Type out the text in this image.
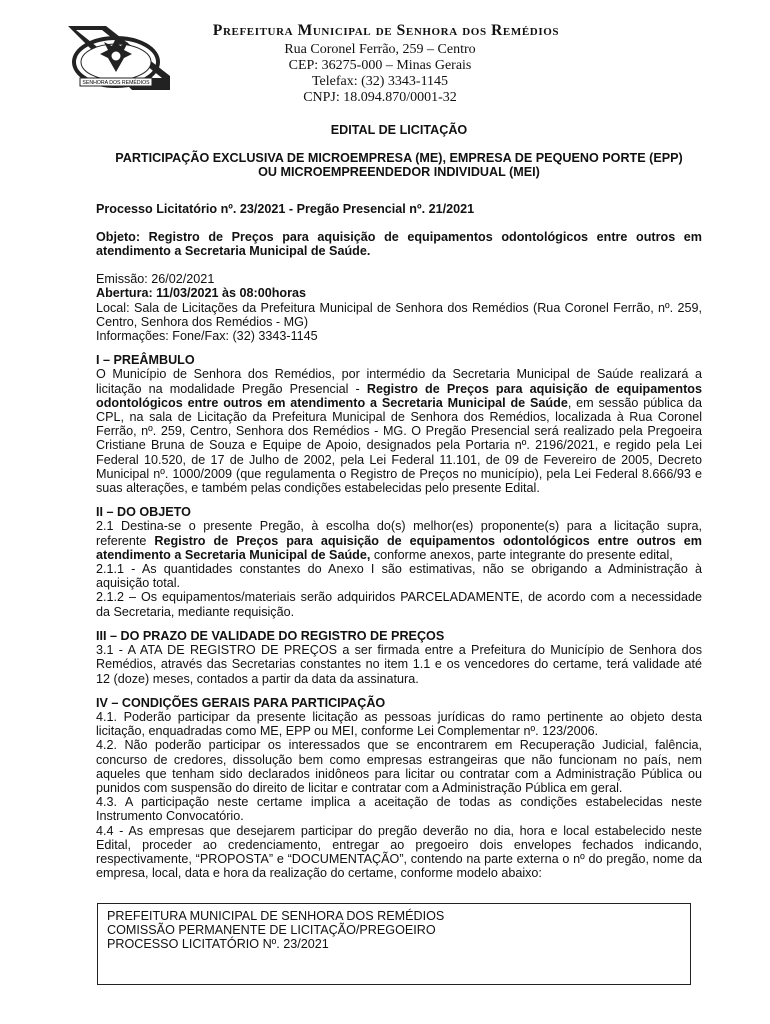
SENHORA DOS REMÉDIOS
Prefeitura Municipal de Senhora dos Remédios
Rua Coronel Ferrão, 259 – Centro
CEP: 36275-000 – Minas Gerais
Telefax: (32) 3343-1145
CNPJ: 18.094.870/0001-32

EDITAL DE LICITAÇÃO

PARTICIPAÇÃO EXCLUSIVA DE MICROEMPRESA (ME), EMPRESA DE PEQUENO PORTE (EPP)

OU MICROEMPREENDEDOR INDIVIDUAL (MEI)

Processo Licitatório nº. 23/2021 - Pregão Presencial nº. 21/2021

Objeto: Registro de Preços para aquisição de equipamentos odontológicos entre outros em atendimento a Secretaria Municipal de Saúde.

Emissão: 26/02/2021

Abertura: 11/03/2021 às 08:00horas

Local: Sala de Licitações da Prefeitura Municipal de Senhora dos Remédios (Rua Coronel Ferrão, nº. 259, Centro, Senhora dos Remédios - MG)

Informações: Fone/Fax: (32) 3343-1145

I – PREÂMBULO

O Município de Senhora dos Remédios, por intermédio da Secretaria Municipal de Saúde realizará a licitação na modalidade Pregão Presencial - Registro de Preços para aquisição de equipamentos odontológicos entre outros em atendimento a Secretaria Municipal de Saúde, em sessão pública da CPL, na sala de Licitação da Prefeitura Municipal de Senhora dos Remédios, localizada à Rua Coronel Ferrão, nº. 259, Centro, Senhora dos Remédios - MG. O Pregão Presencial será realizado pela Pregoeira Cristiane Bruna de Souza e Equipe de Apoio, designados pela Portaria nº. 2196/2021, e regido pela Lei Federal 10.520, de 17 de Julho de 2002, pela Lei Federal 11.101, de 09 de Fevereiro de 2005, Decreto Municipal nº. 1000/2009 (que regulamenta o Registro de Preços no município), pela Lei Federal 8.666/93 e suas alterações, e também pelas condições estabelecidas pelo presente Edital.

II – DO OBJETO

2.1 Destina-se o presente Pregão, à escolha do(s) melhor(es) proponente(s) para a licitação supra, referente Registro de Preços para aquisição de equipamentos odontológicos entre outros em atendimento a Secretaria Municipal de Saúde, conforme anexos, parte integrante do presente edital,

2.1.1 - As quantidades constantes do Anexo I são estimativas, não se obrigando a Administração à aquisição total.

2.1.2 – Os equipamentos/materiais serão adquiridos PARCELADAMENTE, de acordo com a necessidade da Secretaria, mediante requisição.

III – DO PRAZO DE VALIDADE DO REGISTRO DE PREÇOS

3.1 - A ATA DE REGISTRO DE PREÇOS a ser firmada entre a Prefeitura do Município de Senhora dos Remédios, através das Secretarias constantes no item 1.1 e os vencedores do certame, terá validade até 12 (doze) meses, contados a partir da data da assinatura.

IV – CONDIÇÕES GERAIS PARA PARTICIPAÇÃO

4.1. Poderão participar da presente licitação as pessoas jurídicas do ramo pertinente ao objeto desta licitação, enquadradas como ME, EPP ou MEI, conforme Lei Complementar nº. 123/2006.

4.2. Não poderão participar os interessados que se encontrarem em Recuperação Judicial, falência, concurso de credores, dissolução bem como empresas estrangeiras que não funcionam no país, nem aqueles que tenham sido declarados inidôneos para licitar ou contratar com a Administração Pública ou punidos com suspensão do direito de licitar e contratar com a Administração Pública em geral.

4.3. A participação neste certame implica a aceitação de todas as condições estabelecidas neste Instrumento Convocatório.

4.4 - As empresas que desejarem participar do pregão deverão no dia, hora e local estabelecido neste Edital, proceder ao credenciamento, entregar ao pregoeiro dois envelopes fechados indicando, respectivamente, “PROPOSTA” e “DOCUMENTAÇÃO”, contendo na parte externa o nº do pregão, nome da empresa, local, data e hora da realização do certame, conforme modelo abaixo:

PREFEITURA MUNICIPAL DE SENHORA DOS REMÉDIOS
COMISSÃO PERMANENTE DE LICITAÇÃO/PREGOEIRO
PROCESSO LICITATÓRIO Nº. 23/2021
